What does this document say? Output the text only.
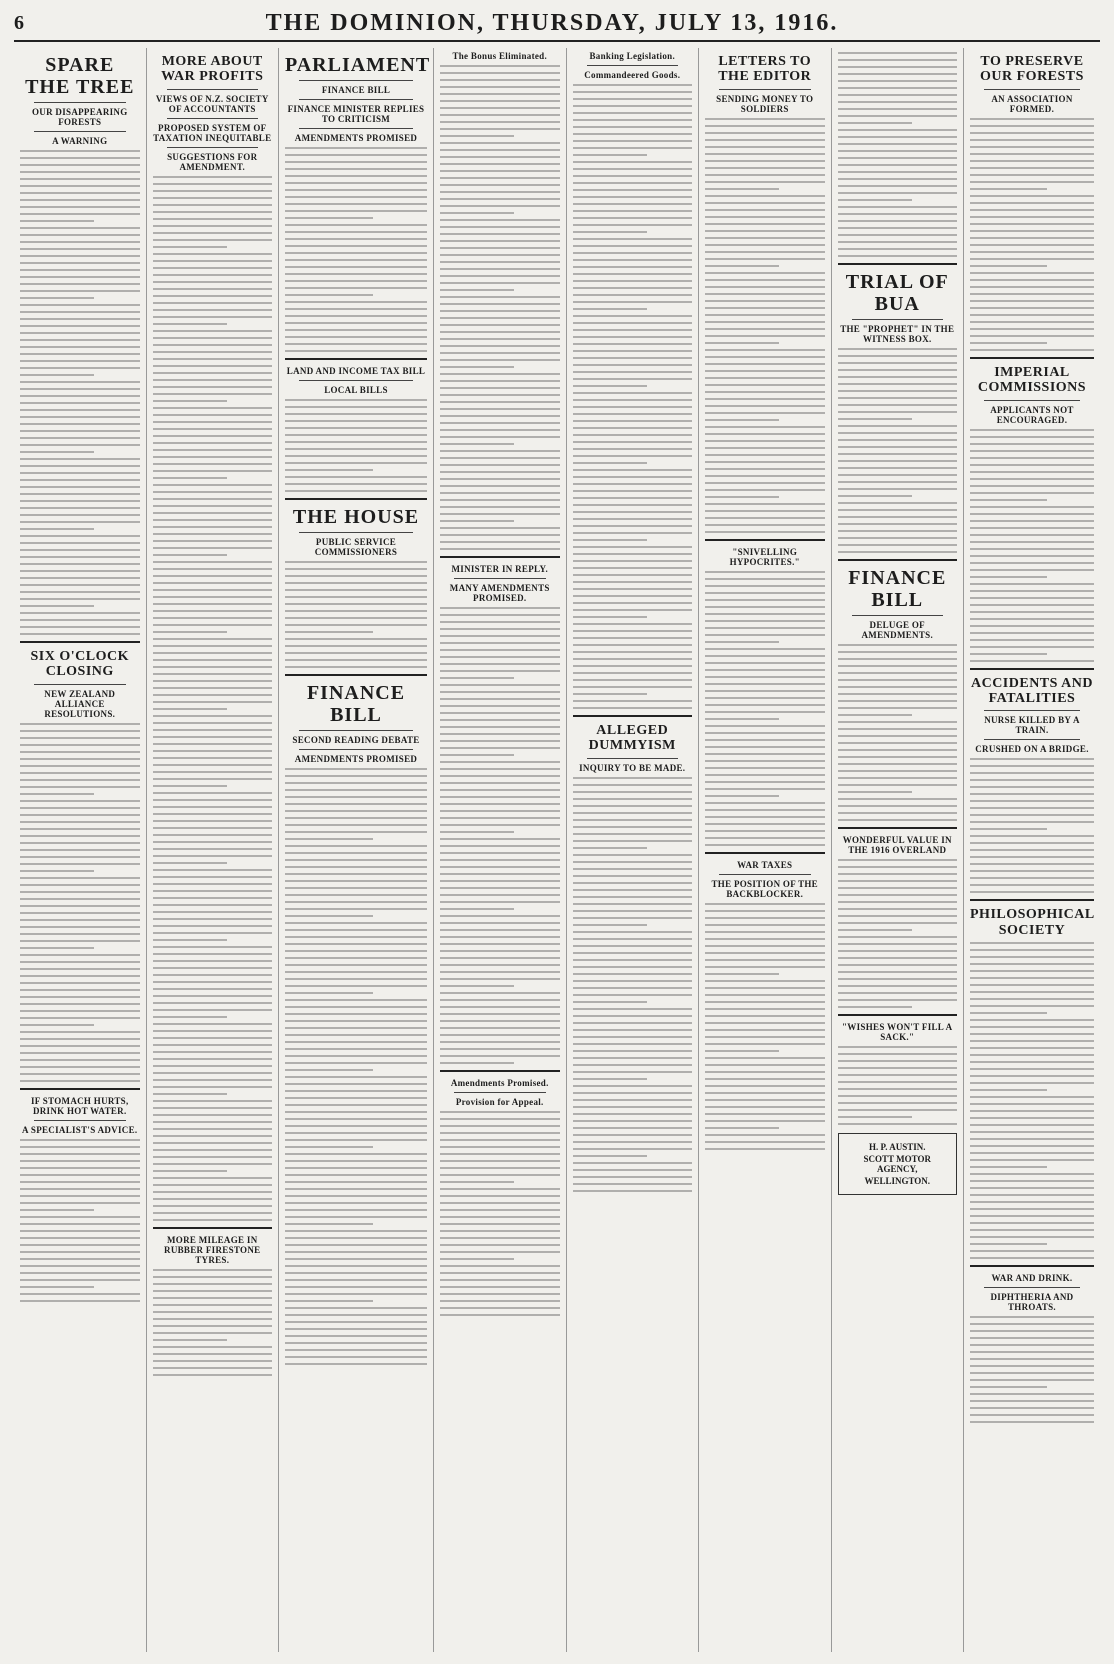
6	THE DOMINION, THURSDAY, JULY 13, 1916.
SPARE THE TREE
OUR DISAPPEARING FORESTS
A WARNING
SIX O'CLOCK CLOSING
NEW ZEALAND ALLIANCE RESOLUTIONS.
IF STOMACH HURTS, DRINK HOT WATER.
A SPECIALIST'S ADVICE.
MORE ABOUT WAR PROFITS
VIEWS OF N.Z. SOCIETY OF ACCOUNTANTS
PROPOSED SYSTEM OF TAXATION INEQUITABLE
SUGGESTIONS FOR AMENDMENT.
MORE MILEAGE IN RUBBER FIRESTONE TYRES.
PARLIAMENT
FINANCE BILL
FINANCE MINISTER REPLIES TO CRITICISM
AMENDMENTS PROMISED
LAND AND INCOME TAX BILL
LOCAL BILLS
THE HOUSE
PUBLIC SERVICE COMMISSIONERS
FINANCE BILL
SECOND READING DEBATE
AMENDMENTS PROMISED
The Bonus Eliminated.
MINISTER IN REPLY.
MANY AMENDMENTS PROMISED.
Amendments Promised.
Provision for Appeal.
Banking Legislation.
Commandeered Goods.
ALLEGED DUMMYISM
INQUIRY TO BE MADE.
LETTERS TO THE EDITOR
SENDING MONEY TO SOLDIERS
"SNIVELLING HYPOCRITES."
WAR TAXES
THE POSITION OF THE BACKBLOCKER.
TRIAL OF BUA
THE "PROPHET" IN THE WITNESS BOX.
FINANCE BILL
DELUGE OF AMENDMENTS.
WONDERFUL VALUE IN THE 1916 OVERLAND
"WISHES WON'T FILL A SACK."
H. P. AUSTIN.
SCOTT MOTOR AGENCY,
WELLINGTON.
TO PRESERVE OUR FORESTS
AN ASSOCIATION FORMED.
IMPERIAL COMMISSIONS
APPLICANTS NOT ENCOURAGED.
ACCIDENTS AND FATALITIES
NURSE KILLED BY A TRAIN.
CRUSHED ON A BRIDGE.
PHILOSOPHICAL SOCIETY
WAR AND DRINK.
DIPHTHERIA AND THROATS.
